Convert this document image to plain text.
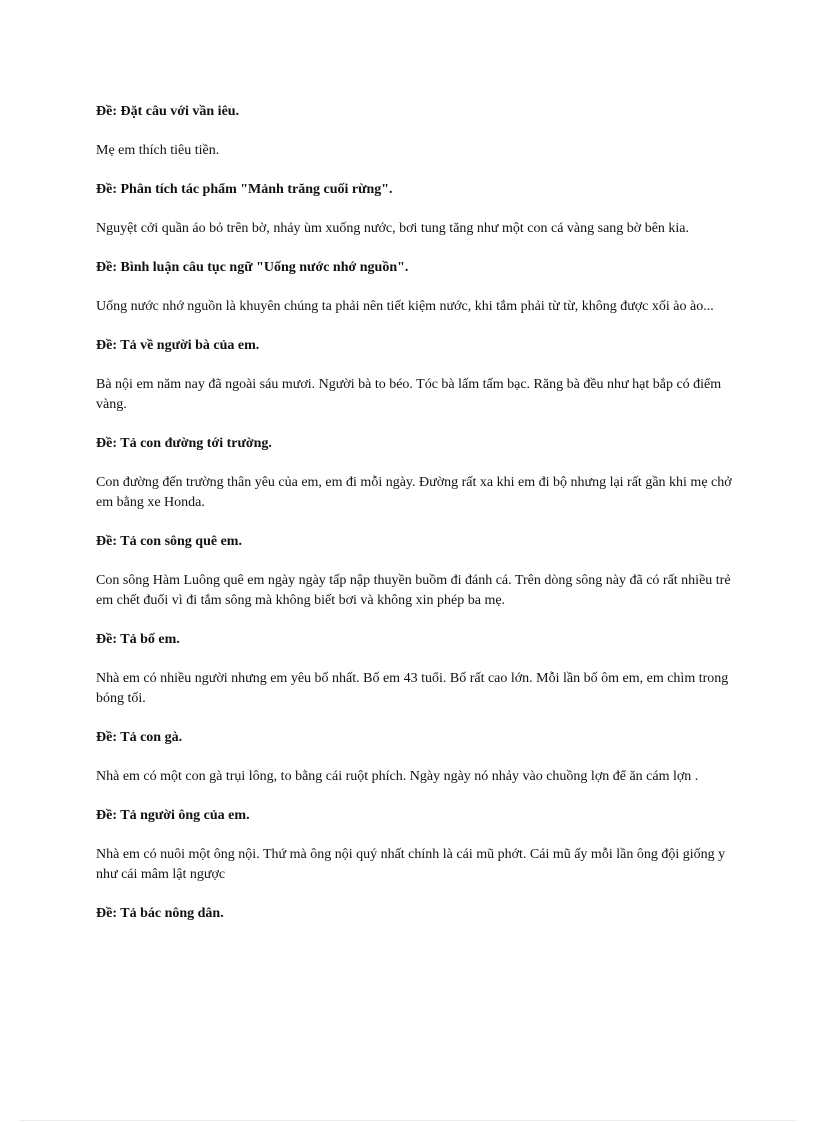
Đề: Đặt câu với vần iêu.

Mẹ em thích tiêu tiền.

Đề: Phân tích tác phẩm "Mảnh trăng cuối rừng".

Nguyệt cởi quần áo bỏ trên bờ, nhảy ùm xuống nước, bơi tung tăng như một con cá vàng sang bờ bên kia.

Đề: Bình luận câu tục ngữ "Uống nước nhớ nguồn".

Uống nước nhớ nguồn là khuyên chúng ta phải nên tiết kiệm nước, khi tắm phải từ từ, không được xối ào ào...

Đề: Tả về người bà của em.

Bà nội em năm nay đã ngoài sáu mươi. Người bà to béo. Tóc bà lấm tấm bạc. Răng bà đều như hạt bắp có điểm vàng.

Đề: Tả con đường tới trường.

Con đường đến trường thân yêu của em, em đi mỗi ngày. Đường rất xa khi em đi bộ nhưng lại rất gần khi mẹ chở em bằng xe Honda.

Đề: Tả con sông quê em.

Con sông Hàm Luông quê em ngày ngày tấp nập thuyền buồm đi đánh cá. Trên dòng sông này đã có rất nhiều trẻ em chết đuối vì đi tắm sông mà không biết bơi và không xin phép ba mẹ.

Đề: Tả bố em.

Nhà em có nhiều người nhưng em yêu bố nhất. Bố em 43 tuổi. Bố rất cao lớn. Mỗi lần bố ôm em, em chìm trong bóng tối.

Đề: Tả con gà.

Nhà em có một con gà trụi lông, to bằng cái ruột phích. Ngày ngày nó nhảy vào chuồng lợn để ăn cám lợn .

Đề: Tả người ông của em.

Nhà em có nuôi một ông nội. Thứ mà ông nội quý nhất chính là cái mũ phớt. Cái mũ ấy mỗi lần ông đội giống y như cái mâm lật ngược

Đề: Tả bác nông dân.
